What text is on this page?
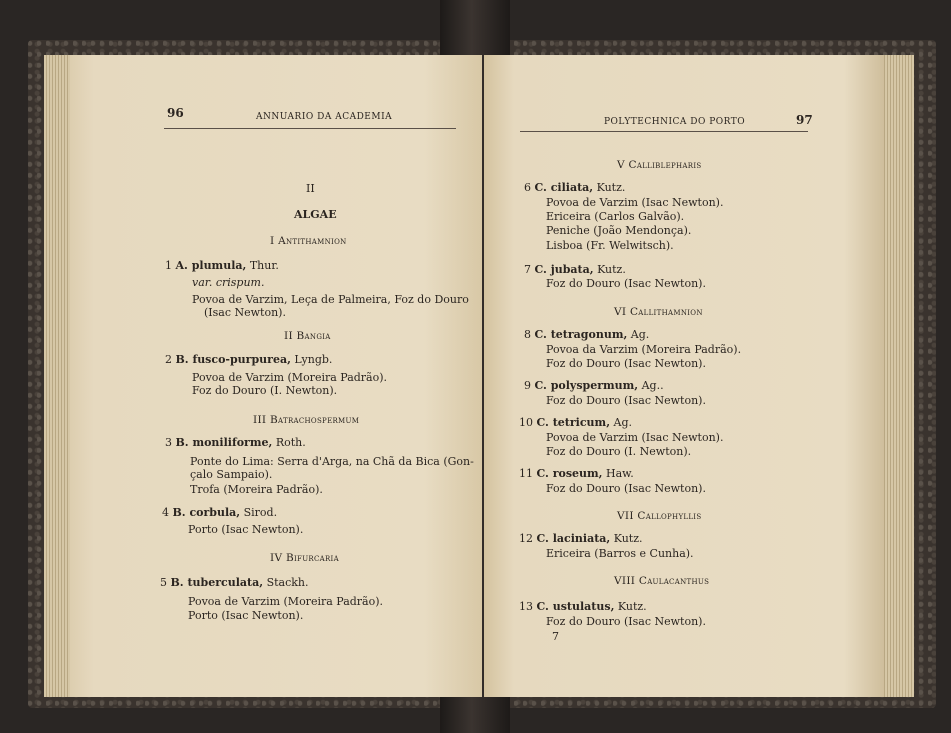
96	ANNUARIO DA ACADEMIA
II
ALGAE
I Antithamnion
1 A. plumula, Thur.
var. crispum.
Povoa de Varzim, Leça de Palmeira, Foz do Douro
(Isac Newton).
II Bangia
2 B. fusco-purpurea, Lyngb.
Povoa de Varzim (Moreira Padrão).
Foz do Douro (I. Newton).
III Batrachospermum
3 B. moniliforme, Roth.
Ponte do Lima: Serra d'Arga, na Chã da Bica (Gon-
çalo Sampaio).
Trofa (Moreira Padrão).
4 B. corbula, Sirod.
Porto (Isac Newton).
IV Bifurcaria
5 B. tuberculata, Stackh.
Povoa de Varzim (Moreira Padrão).
Porto (Isac Newton).
POLYTECHNICA DO PORTO	97
V Calliblepharis
6 C. ciliata, Kutz.
Povoa de Varzim (Isac Newton).
Ericeira (Carlos Galvão).
Peniche (João Mendonça).
Lisboa (Fr. Welwitsch).
7 C. jubata, Kutz.
Foz do Douro (Isac Newton).
VI Callithamnion
8 C. tetragonum, Ag.
Povoa da Varzim (Moreira Padrão).
Foz do Douro (Isac Newton).
9 C. polyspermum, Ag..
Foz do Douro (Isac Newton).
10 C. tetricum, Ag.
Povoa de Varzim (Isac Newton).
Foz do Douro (I. Newton).
11 C. roseum, Haw.
Foz do Douro (Isac Newton).
VII Callophyllis
12 C. laciniata, Kutz.
Ericeira (Barros e Cunha).
VIII Caulacanthus
13 C. ustulatus, Kutz.
Foz do Douro (Isac Newton).
7
